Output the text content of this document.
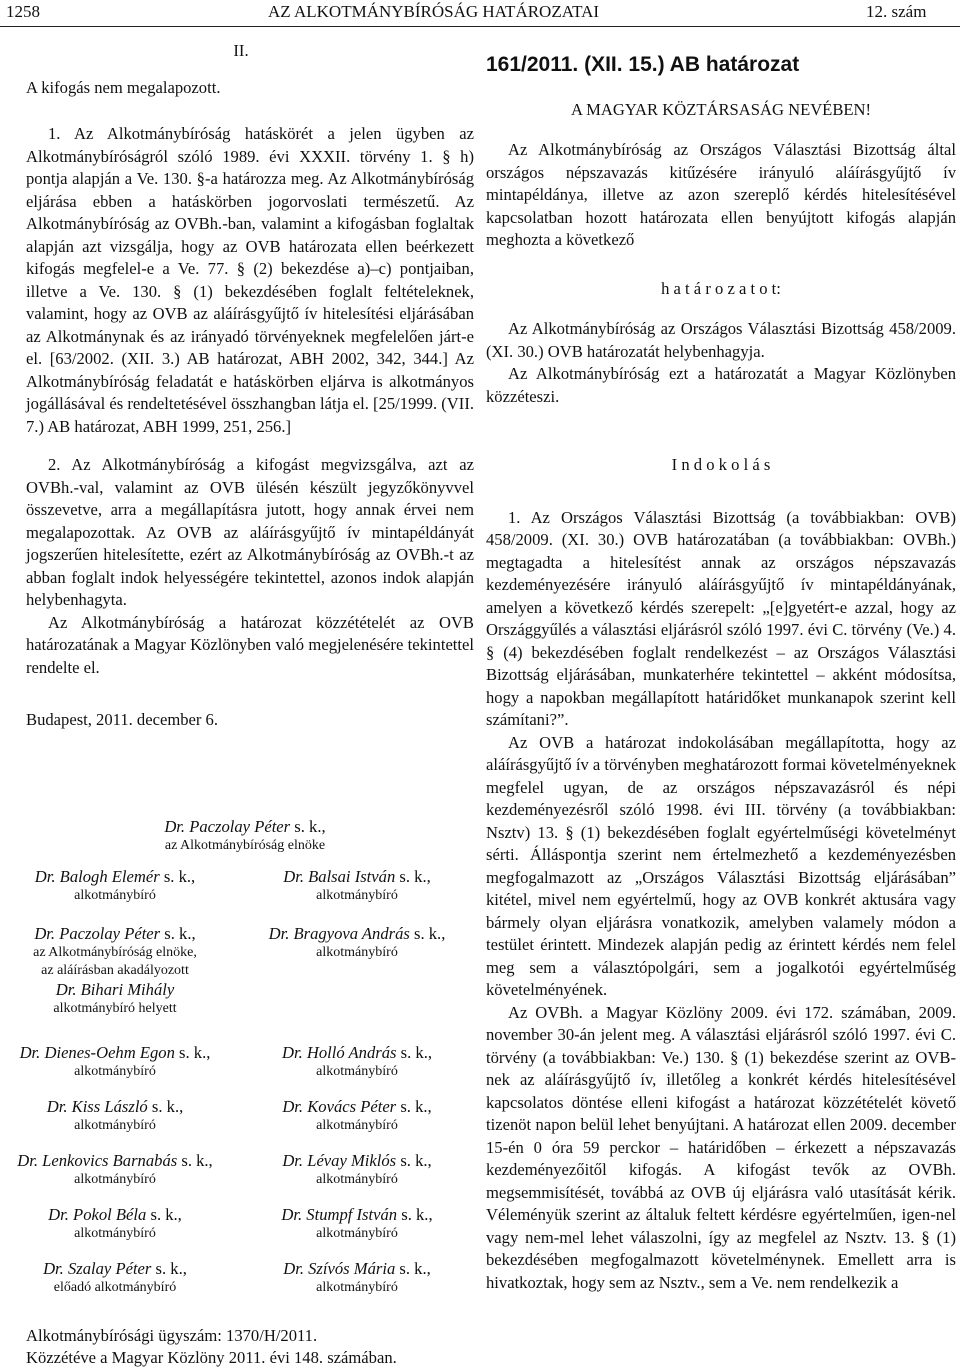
1258	AZ ALKOTMÁNYBÍRÓSÁG HATÁROZATAI	12. szám

II.

A kifogás nem megalapozott.

1. Az Alkotmánybíróság hatáskörét a jelen ügyben az Alkotmánybíróságról szóló 1989. évi XXXII. törvény 1. § h) pontja alapján a Ve. 130. §-a határozza meg. Az Alkotmánybíróság eljárása ebben a hatáskörben jogorvoslati természetű. Az Alkotmánybíróság az OVBh.-ban, valamint a kifogásban foglaltak alapján azt vizsgálja, hogy az OVB határozata ellen beérkezett kifogás megfelel-e a Ve. 77. § (2) bekezdése a)–c) pontjaiban, illetve a Ve. 130. § (1) bekezdésében foglalt feltételeknek, valamint, hogy az OVB az aláírásgyűjtő ív hitelesítési eljárásában az Alkotmánynak és az irányadó törvényeknek megfelelően járt-e el. [63/2002. (XII. 3.) AB határozat, ABH 2002, 342, 344.] Az Alkotmánybíróság feladatát e hatáskörben eljárva is alkotmányos jogállásával és rendeltetésével összhangban látja el. [25/1999. (VII. 7.) AB határozat, ABH 1999, 251, 256.]

2. Az Alkotmánybíróság a kifogást megvizsgálva, azt az OVBh.-val, valamint az OVB ülésén készült jegyzőkönyvvel összevetve, arra a megállapításra jutott, hogy annak érvei nem megalapozottak. Az OVB az aláírásgyűjtő ív mintapéldányát jogszerűen hitelesítette, ezért az Alkotmánybíróság az OVBh.-t az abban foglalt indok helyességére tekintettel, azonos indok alapján helybenhagyta.

Az Alkotmánybíróság a határozat közzétételét az OVB határozatának a Magyar Közlönyben való megjelenésére tekintettel rendelte el.

Budapest, 2011. december 6.

Dr. Paczolay Péter s. k.,
az Alkotmánybíróság elnöke
Dr. Balogh Elemér s. k.,
alkotmánybíró
Dr. Balsai István s. k.,
alkotmánybíró
Dr. Paczolay Péter s. k.,
az Alkotmánybíróság elnöke,
az aláírásban akadályozott
Dr. Bihari Mihály
alkotmánybíró helyett
Dr. Bragyova András s. k.,
alkotmánybíró
Dr. Dienes-Oehm Egon s. k.,
alkotmánybíró
Dr. Holló András s. k.,
alkotmánybíró
Dr. Kiss László s. k.,
alkotmánybíró
Dr. Kovács Péter s. k.,
alkotmánybíró
Dr. Lenkovics Barnabás s. k.,
alkotmánybíró
Dr. Lévay Miklós s. k.,
alkotmánybíró
Dr. Pokol Béla s. k.,
alkotmánybíró
Dr. Stumpf István s. k.,
alkotmánybíró
Dr. Szalay Péter s. k.,
előadó alkotmánybíró
Dr. Szívós Mária s. k.,
alkotmánybíró

Alkotmánybírósági ügyszám: 1370/H/2011.

Közzétéve a Magyar Közlöny 2011. évi 148. számában.

161/2011. (XII. 15.) AB határozat

A MAGYAR KÖZTÁRSASÁG NEVÉBEN!

Az Alkotmánybíróság az Országos Választási Bizottság által országos népszavazás kitűzésére irányuló aláírásgyűjtő ív mintapéldánya, illetve az azon szereplő kérdés hitelesítésével kapcsolatban hozott határozata ellen benyújtott kifogás alapján meghozta a következő

h a t á r o z a t o t:

Az Alkotmánybíróság az Országos Választási Bizottság 458/2009. (XI. 30.) OVB határozatát helybenhagyja.

Az Alkotmánybíróság ezt a határozatát a Magyar Közlönyben közzéteszi.

I n d o k o l á s

1. Az Országos Választási Bizottság (a továbbiakban: OVB) 458/2009. (XI. 30.) OVB határozatában (a továbbiakban: OVBh.) megtagadta a hitelesítést annak az országos népszavazás kezdeményezésére irányuló aláírásgyűjtő ív mintapéldányának, amelyen a következő kérdés szerepelt: „[e]gyetért-e azzal, hogy az Országgyűlés a választási eljárásról szóló 1997. évi C. törvény (Ve.) 4. § (4) bekezdésében foglalt rendelkezést – az Országos Választási Bizottság eljárásában, munkaterhére tekintettel – akként módosítsa, hogy a napokban megállapított határidőket munkanapok szerint kell számítani?”.

Az OVB a határozat indokolásában megállapította, hogy az aláírásgyűjtő ív a törvényben meghatározott formai követelményeknek megfelel ugyan, de az országos népszavazásról és népi kezdeményezésről szóló 1998. évi III. törvény (a továbbiakban: Nsztv) 13. § (1) bekezdésében foglalt egyértelműségi követelményt sérti. Álláspontja szerint nem értelmezhető a kezdeményezésben megfogalmazott az „Országos Választási Bizottság eljárásában” kitétel, mivel nem egyértelmű, hogy az OVB konkrét aktusára vagy bármely olyan eljárásra vonatkozik, amelyben valamely módon a testület érintett. Mindezek alapján pedig az érintett kérdés nem felel meg sem a választópolgári, sem a jogalkotói egyértelműség követelményének.

Az OVBh. a Magyar Közlöny 2009. évi 172. számában, 2009. november 30-án jelent meg. A választási eljárásról szóló 1997. évi C. törvény (a továbbiakban: Ve.) 130. § (1) bekezdése szerint az OVB-nek az aláírásgyűjtő ív, illetőleg a konkrét kérdés hitelesítésével kapcsolatos döntése elleni kifogást a határozat közzétételét követő tizenöt napon belül lehet benyújtani. A határozat ellen 2009. december 15-én 0 óra 59 perckor – határidőben – érkezett a népszavazás kezdeményezőitől kifogás. A kifogást tevők az OVBh. megsemmisítését, továbbá az OVB új eljárásra való utasítását kérik. Véleményük szerint az általuk feltett kérdésre egyértelműen, igen-nel vagy nem-mel lehet válaszolni, így az megfelel az Nsztv. 13. § (1) bekezdésében megfogalmazott követelménynek. Emellett arra is hivatkoztak, hogy sem az Nsztv., sem a Ve. nem rendelkezik a
